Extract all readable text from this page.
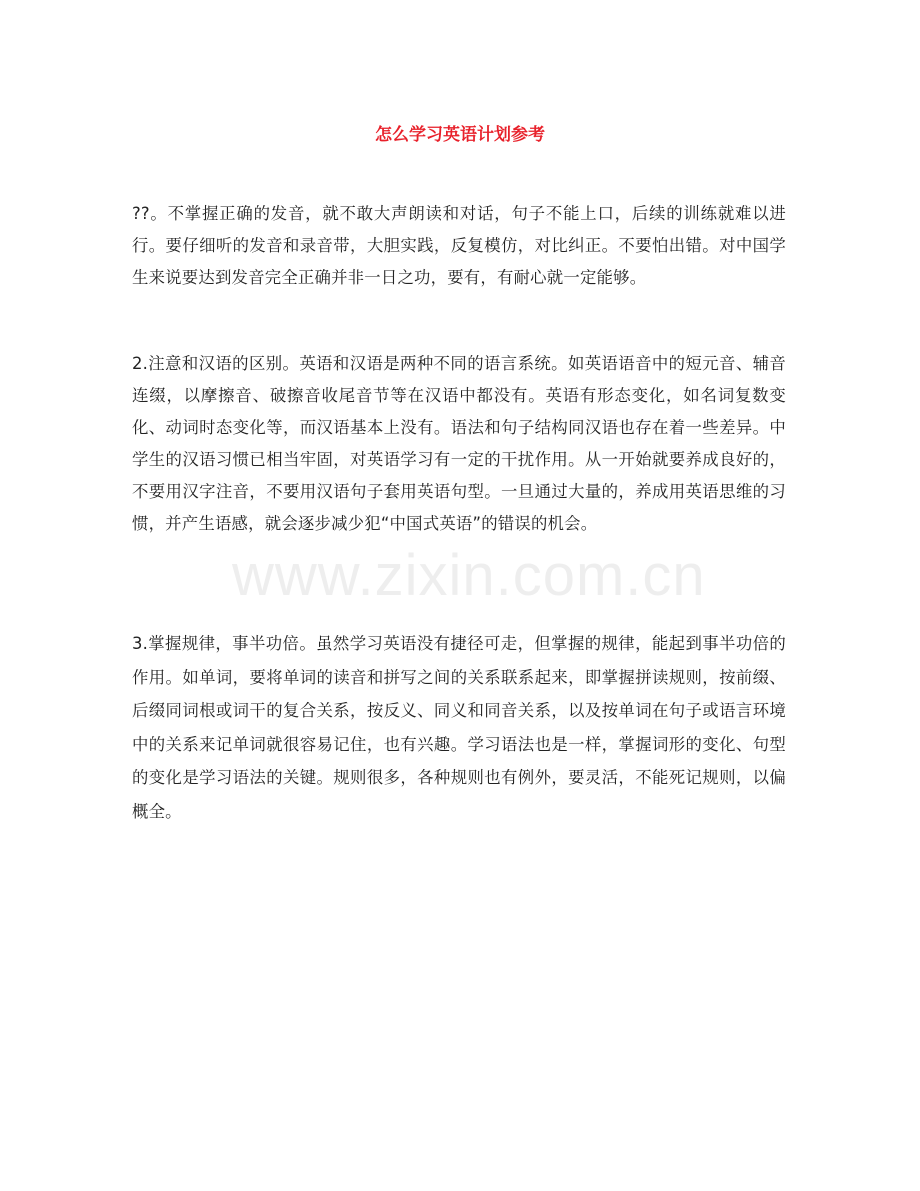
怎么学习英语计划参考
??。不掌握正确的发音，就不敢大声朗读和对话，句子不能上口，后续的训练就难以进行。要仔细听的发音和录音带，大胆实践，反复模仿，对比纠正。不要怕出错。对中国学生来说要达到发音完全正确并非一日之功，要有，有耐心就一定能够。
2.注意和汉语的区别。英语和汉语是两种不同的语言系统。如英语语音中的短元音、辅音连缀，以摩擦音、破擦音收尾音节等在汉语中都没有。英语有形态变化，如名词复数变化、动词时态变化等，而汉语基本上没有。语法和句子结构同汉语也存在着一些差异。中学生的汉语习惯已相当牢固，对英语学习有一定的干扰作用。从一开始就要养成良好的，不要用汉字注音，不要用汉语句子套用英语句型。一旦通过大量的，养成用英语思维的习惯，并产生语感，就会逐步减少犯“中国式英语”的错误的机会。
3.掌握规律，事半功倍。虽然学习英语没有捷径可走，但掌握的规律，能起到事半功倍的作用。如单词，要将单词的读音和拼写之间的关系联系起来，即掌握拼读规则，按前缀、后缀同词根或词干的复合关系，按反义、同义和同音关系，以及按单词在句子或语言环境中的关系来记单词就很容易记住，也有兴趣。学习语法也是一样，掌握词形的变化、句型的变化是学习语法的关键。规则很多，各种规则也有例外，要灵活，不能死记规则，以偏概全。
www.zixin.com.cn
